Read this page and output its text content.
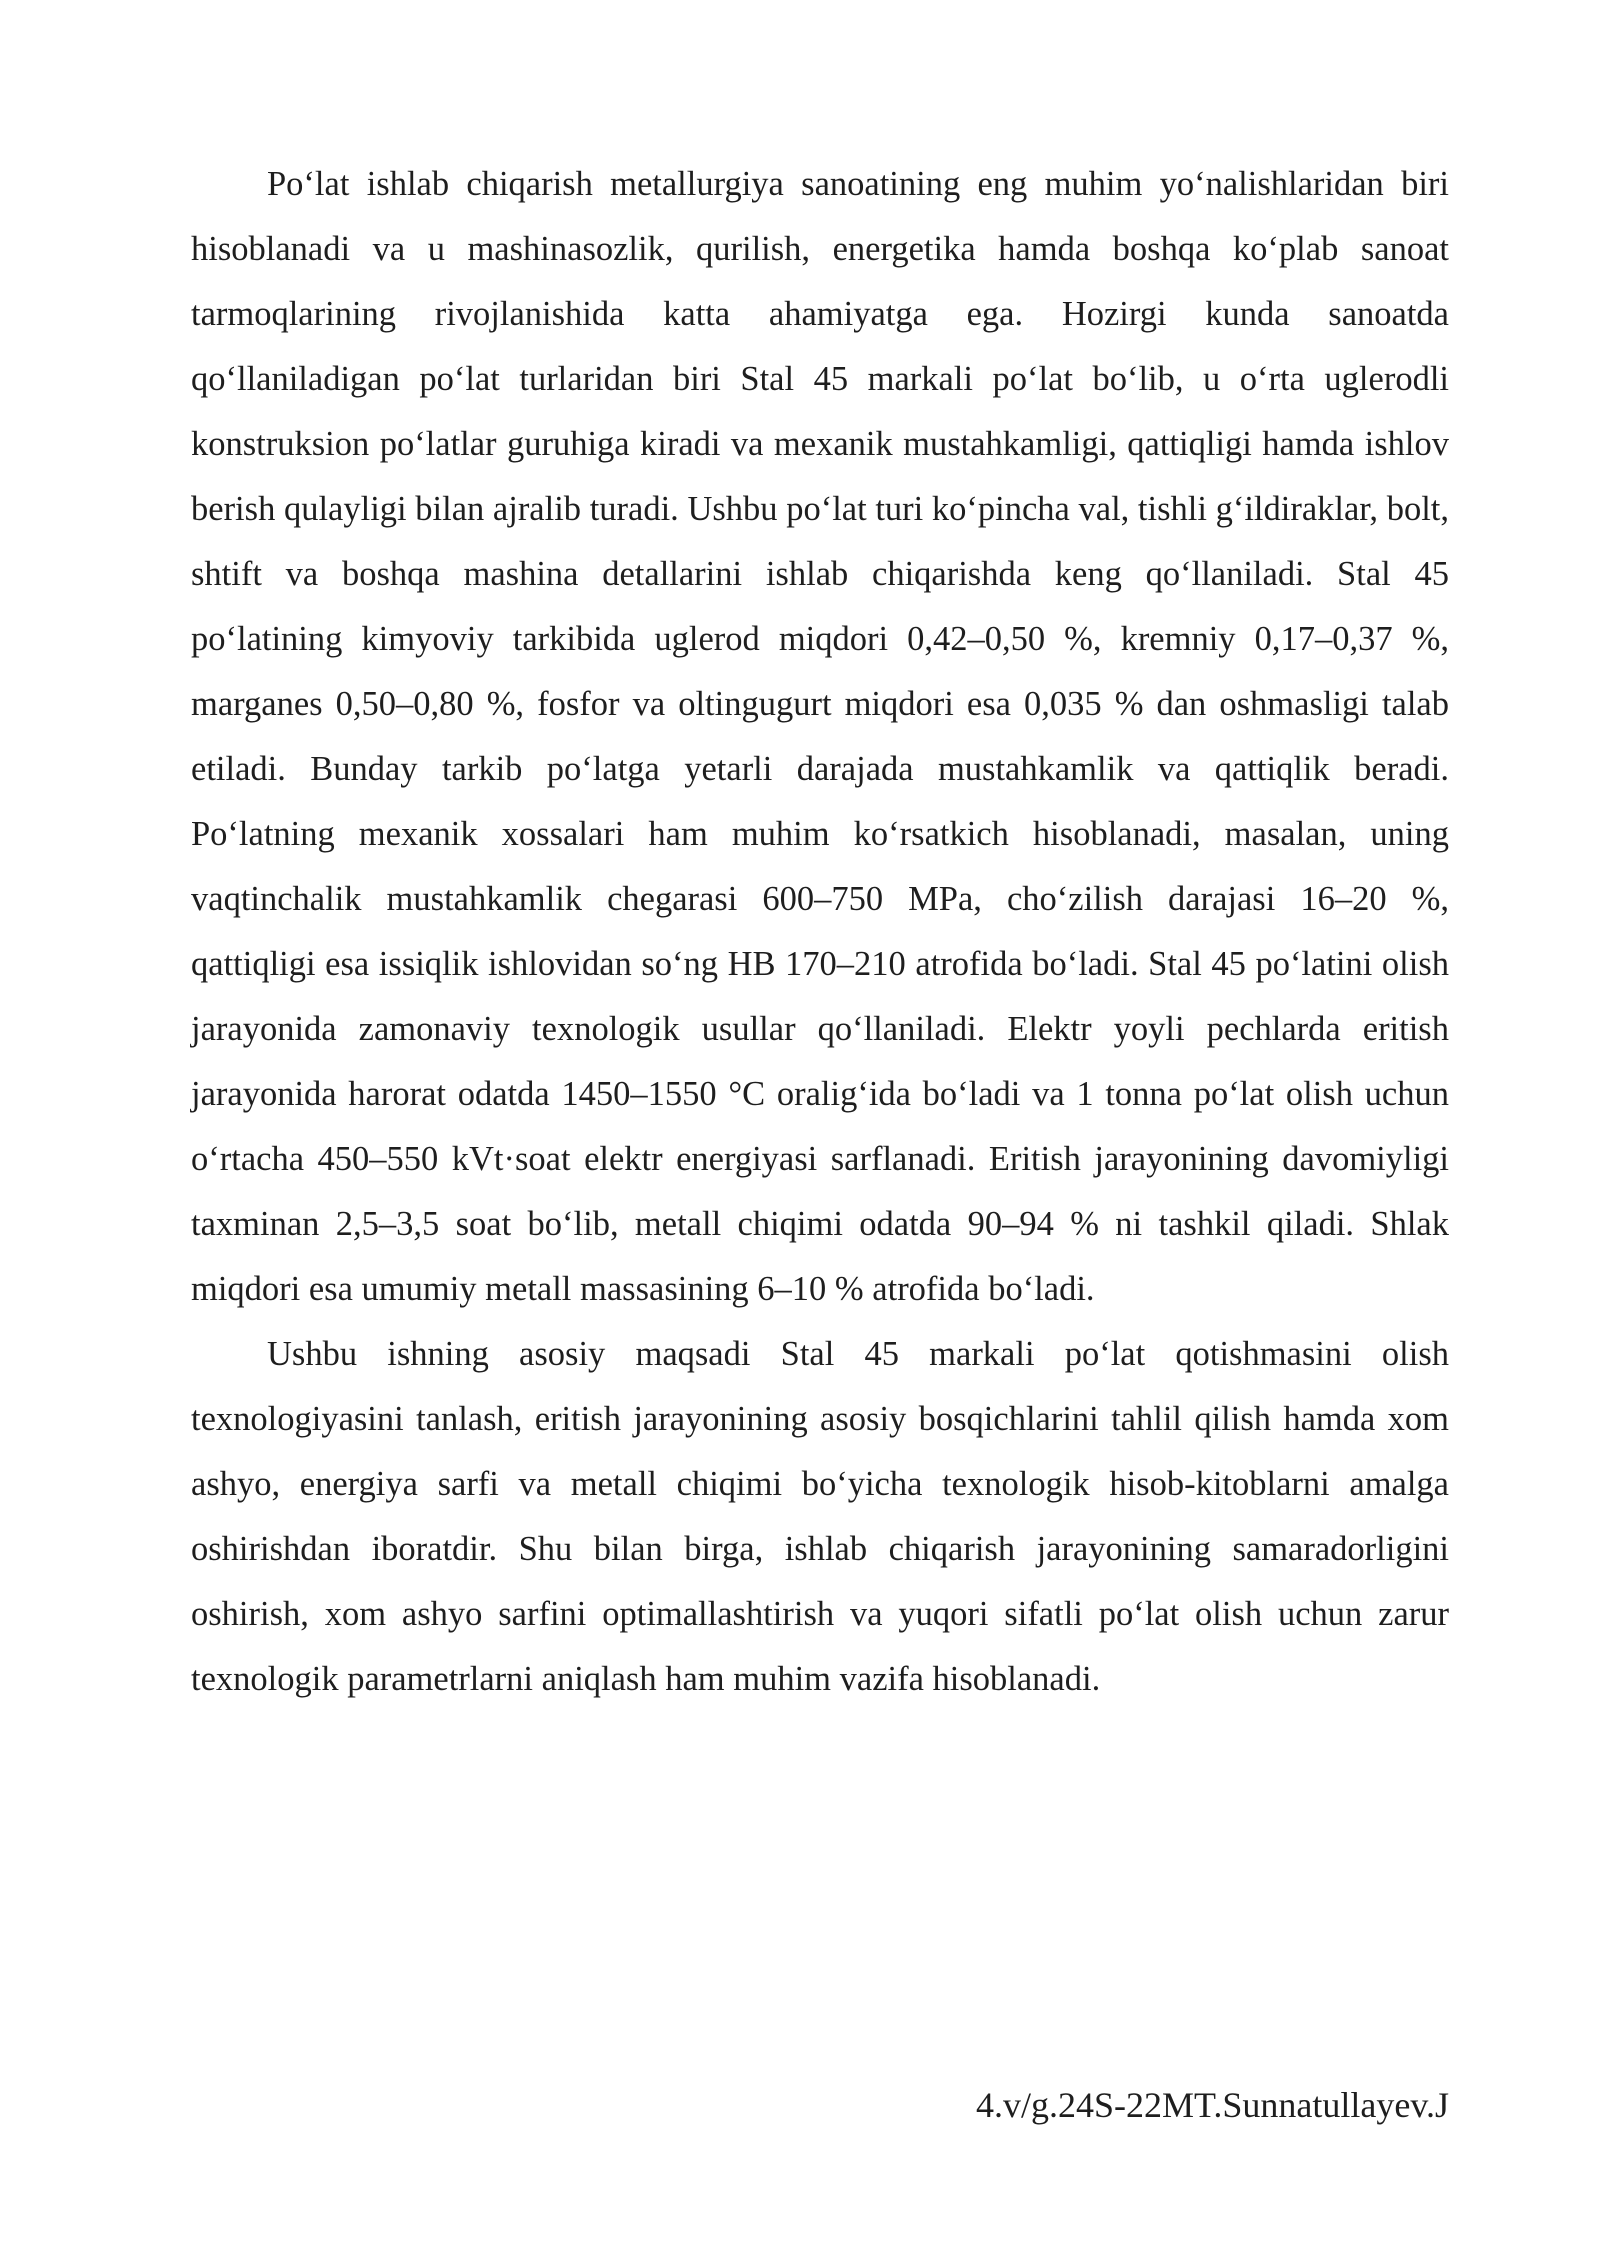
Po‘lat ishlab chiqarish metallurgiya sanoatining eng muhim yo‘nalishlaridan biri hisoblanadi va u mashinasozlik, qurilish, energetika hamda boshqa ko‘plab sanoat tarmoqlarining rivojlanishida katta ahamiyatga ega. Hozirgi kunda sanoatda qo‘llaniladigan po‘lat turlaridan biri Stal 45 markali po‘lat bo‘lib, u o‘rta uglerodli konstruksion po‘latlar guruhiga kiradi va mexanik mustahkamligi, qattiqligi hamda ishlov berish qulayligi bilan ajralib turadi. Ushbu po‘lat turi ko‘pincha val, tishli g‘ildiraklar, bolt, shtift va boshqa mashina detallarini ishlab chiqarishda keng qo‘llaniladi. Stal 45 po‘latining kimyoviy tarkibida uglerod miqdori 0,42–0,50 %, kremniy 0,17–0,37 %, marganes 0,50–0,80 %, fosfor va oltingugurt miqdori esa 0,035 % dan oshmasligi talab etiladi. Bunday tarkib po‘latga yetarli darajada mustahkamlik va qattiqlik beradi. Po‘latning mexanik xossalari ham muhim ko‘rsatkich hisoblanadi, masalan, uning vaqtinchalik mustahkamlik chegarasi 600–750 MPa, cho‘zilish darajasi 16–20 %, qattiqligi esa issiqlik ishlovidan so‘ng HB 170–210 atrofida bo‘ladi. Stal 45 po‘latini olish jarayonida zamonaviy texnologik usullar qo‘llaniladi. Elektr yoyli pechlarda eritish jarayonida harorat odatda 1450–1550 °C oralig‘ida bo‘ladi va 1 tonna po‘lat olish uchun o‘rtacha 450–550 kVt·soat elektr energiyasi sarflanadi. Eritish jarayonining davomiyligi taxminan 2,5–3,5 soat bo‘lib, metall chiqimi odatda 90–94 % ni tashkil qiladi. Shlak miqdori esa umumiy metall massasining 6–10 % atrofida bo‘ladi.

Ushbu ishning asosiy maqsadi Stal 45 markali po‘lat qotishmasini olish texnologiyasini tanlash, eritish jarayonining asosiy bosqichlarini tahlil qilish hamda xom ashyo, energiya sarfi va metall chiqimi bo‘yicha texnologik hisob-kitoblarni amalga oshirishdan iboratdir. Shu bilan birga, ishlab chiqarish jarayonining samaradorligini oshirish, xom ashyo sarfini optimallashtirish va yuqori sifatli po‘lat olish uchun zarur texnologik parametrlarni aniqlash ham muhim vazifa hisoblanadi.

4.v/g.24S-22MT.Sunnatullayev.J
